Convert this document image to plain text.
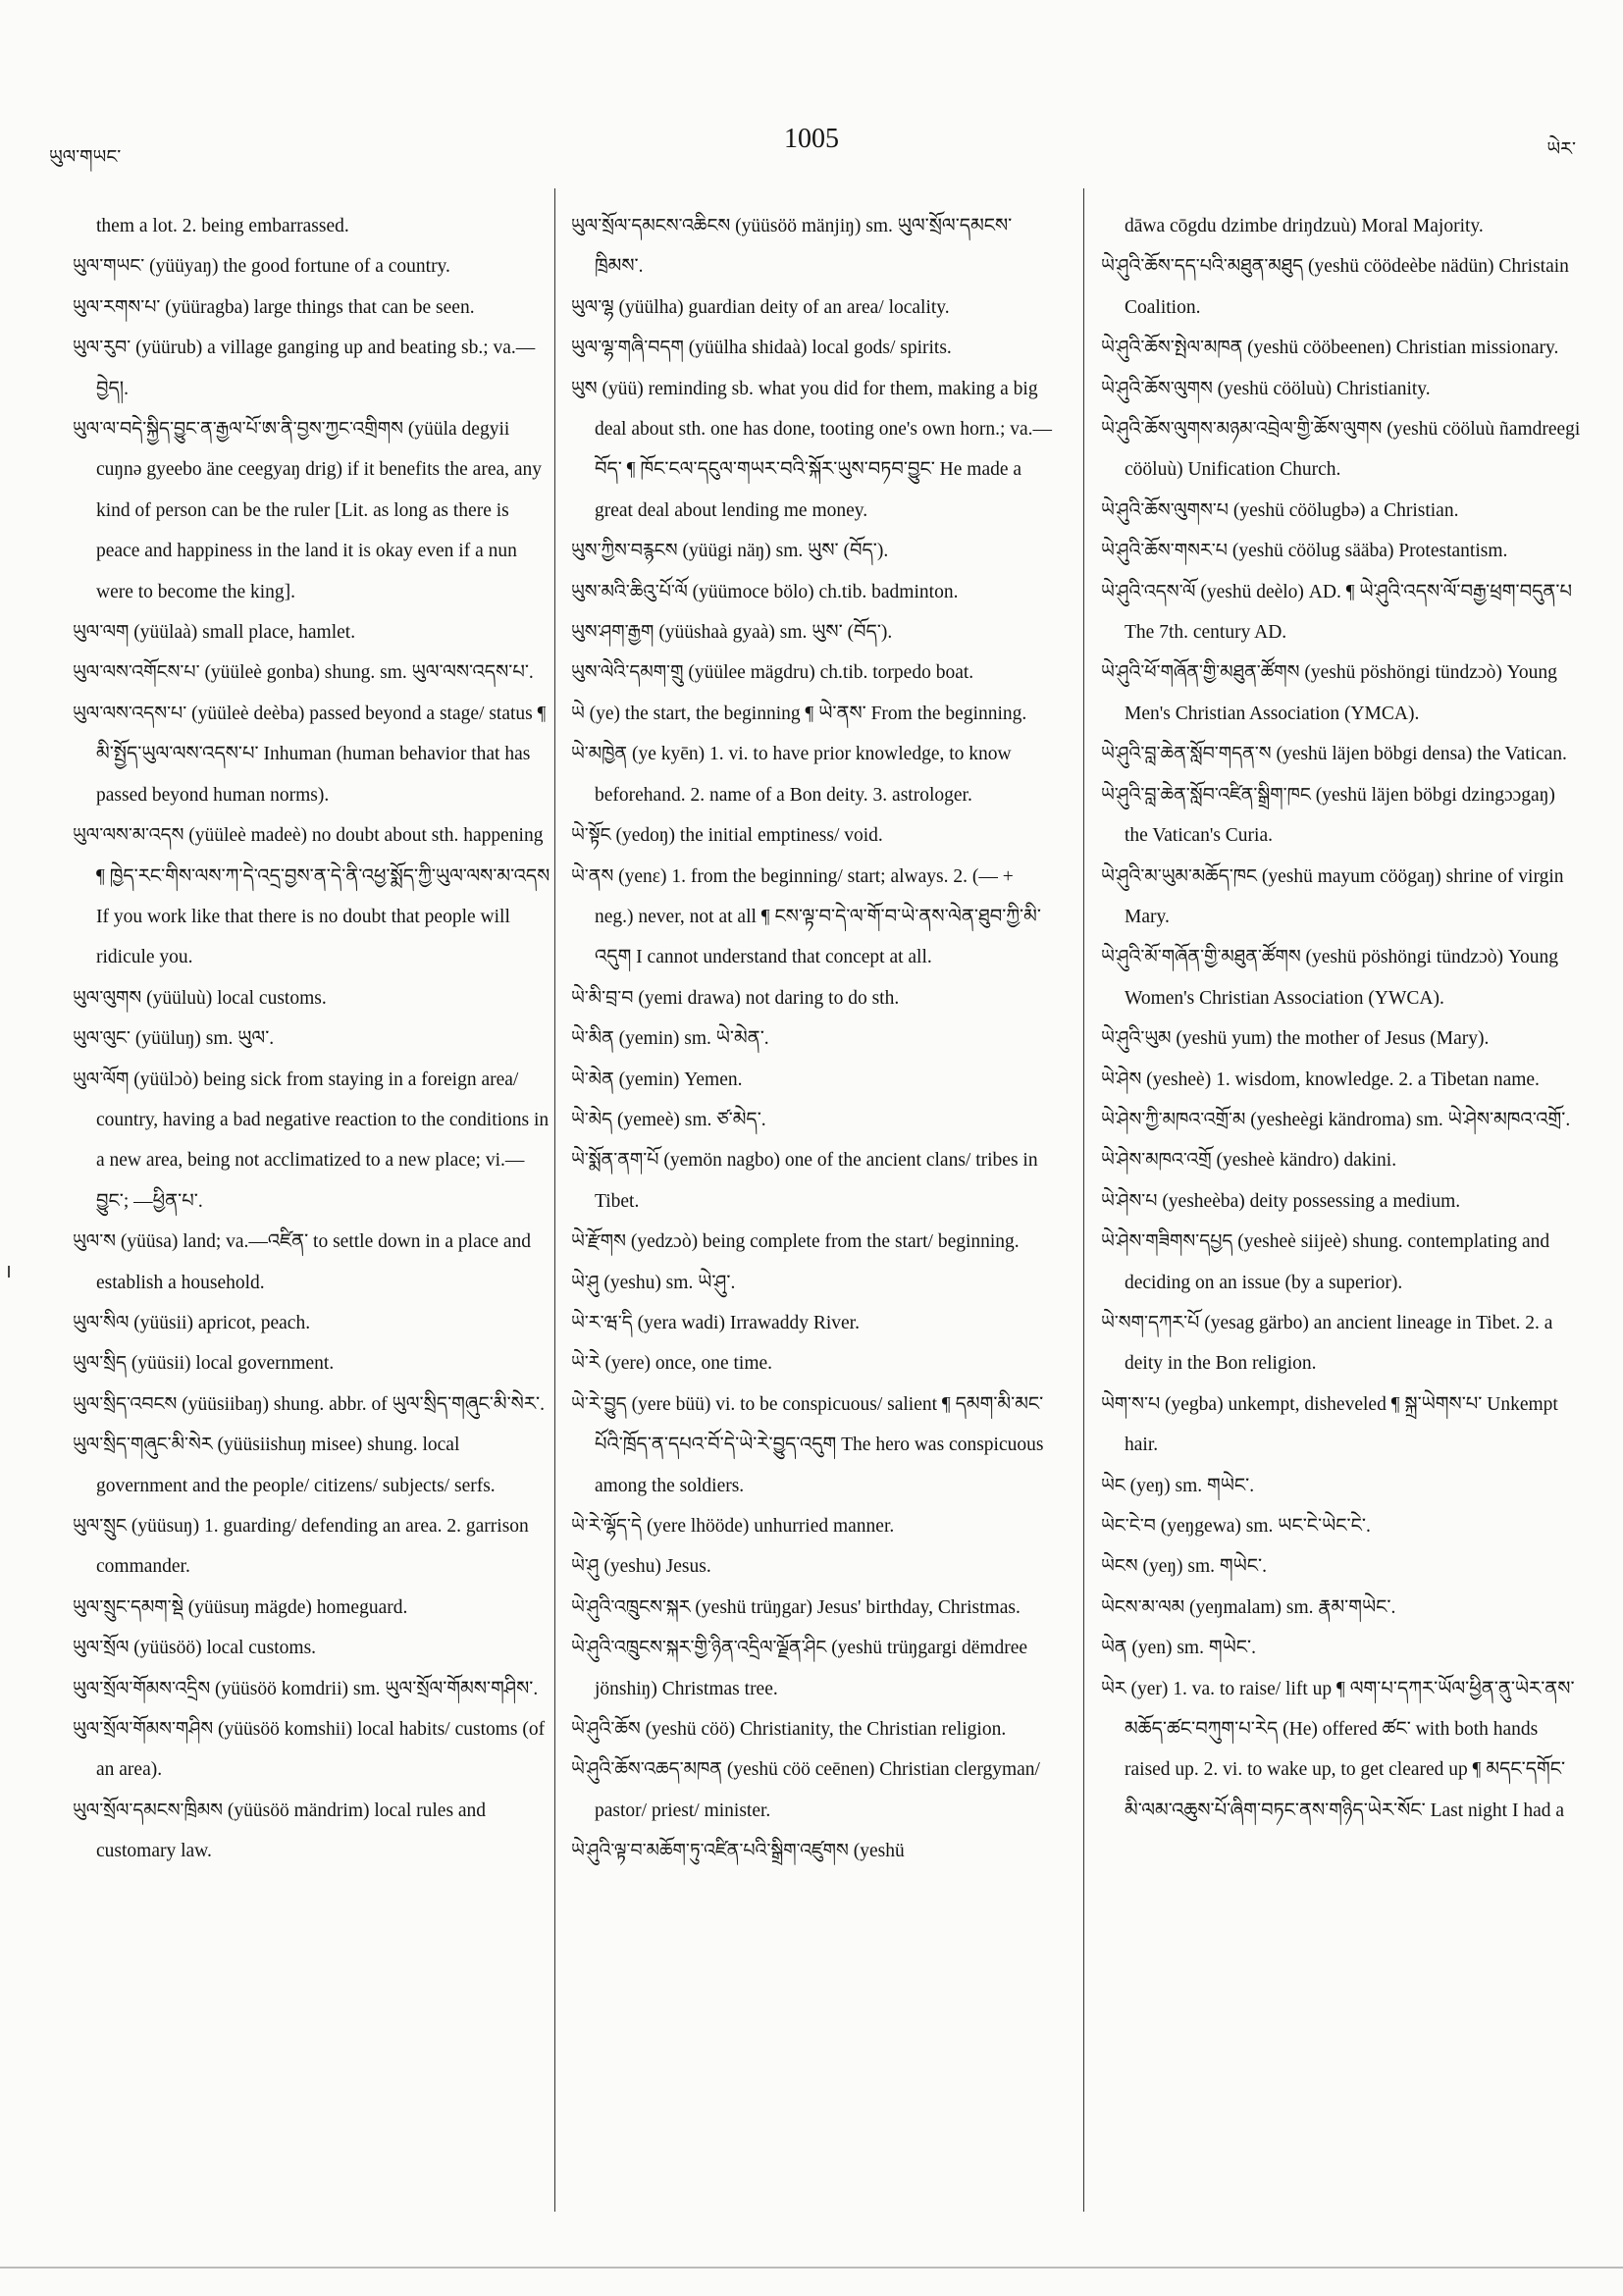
ཡུལ་གཡང་
1005	ཡེར་

them a lot. 2. being embarrassed.

ཡུལ་གཡང་ (yüüyaŋ) the good fortune of a country.

ཡུལ་རགས་པ་ (yüüragba) large things that can be seen.

ཡུལ་རུབ་ (yüürub) a village ganging up and beating sb.; va.—བྱེད།.

ཡུལ་ལ་བདེ་སྐྱིད་བྱུང་ན་རྒྱལ་པོ་ཨ་ནི་བྱས་ཀྱང་འགྲིགས (yüüla degyii cuŋnə gyeebo äne ceegyaŋ drig) if it benefits the area, any kind of person can be the ruler [Lit. as long as there is peace and happiness in the land it is okay even if a nun were to become the king].

ཡུལ་ལག (yüülaà) small place, hamlet.

ཡུལ་ལས་འགོངས་པ་ (yüüleè gonba) shung. sm. ཡུལ་ལས་འདས་པ་.

ཡུལ་ལས་འདས་པ་ (yüüleè deèba) passed beyond a stage/ status ¶ མི་སྤྱོད་ཡུལ་ལས་འདས་པ་ Inhuman (human behavior that has passed beyond human norms).

ཡུལ་ལས་མ་འདས (yüüleè madeè) no doubt about sth. happening ¶ ཁྱེད་རང་གིས་ལས་ཀ་དེ་འདྲ་བྱས་ན་དེ་ནི་འཕྱ་སྨོད་ཀྱི་ཡུལ་ལས་མ་འདས If you work like that there is no doubt that people will ridicule you.

ཡུལ་ལུགས (yüüluù) local customs.

ཡུལ་ལུང་ (yüüluŋ) sm. ཡུལ་.

ཡུལ་ལོག (yüülɔò) being sick from staying in a foreign area/ country, having a bad negative reaction to the conditions in a new area, being not acclimatized to a new place; vi.—བྱུང་; —ཕྱིན་པ་.

ཡུལ་ས (yüüsa) land; va.—འཛིན་ to settle down in a place and establish a household.

ཡུལ་སིལ (yüüsii) apricot, peach.

ཡུལ་སྲིད (yüüsii) local government.

ཡུལ་སྲིད་འབངས (yüüsiibaŋ) shung. abbr. of ཡུལ་སྲིད་གཞུང་མི་སེར་.

ཡུལ་སྲིད་གཞུང་མི་སེར (yüüsiishuŋ misee) shung. local government and the people/ citizens/ subjects/ serfs.

ཡུལ་སྲུང (yüüsuŋ) 1. guarding/ defending an area. 2. garrison commander.

ཡུལ་སྲུང་དམག་སྡེ (yüüsuŋ mägde) homeguard.

ཡུལ་སྲོལ (yüüsöö) local customs.

ཡུལ་སྲོལ་གོམས་འདྲིས (yüüsöö komdrii) sm. ཡུལ་སྲོལ་གོམས་གཤིས་.

ཡུལ་སྲོལ་གོམས་གཤིས (yüüsöö komshii) local habits/ customs (of an area).

ཡུལ་སྲོལ་དམངས་ཁྲིམས (yüüsöö mändrim) local rules and customary law.

ཡུལ་སྲོལ་དམངས་འཆིངས (yüüsöö mänjiŋ) sm. ཡུལ་སྲོལ་དམངས་ཁྲིམས་.

ཡུལ་ལྷ (yüülha) guardian deity of an area/ locality.

ཡུལ་ལྷ་གཞི་བདག (yüülha shidaà) local gods/ spirits.

ཡུས (yüü) reminding sb. what you did for them, making a big deal about sth. one has done, tooting one's own horn.; va.—བོད་ ¶ ཁོང་ངལ་དངུལ་གཡར་བའི་སྐོར་ཡུས་བཏབ་བྱུང་ He made a great deal about lending me money.

ཡུས་ཀྱིས་བརྙངས (yüügi näŋ) sm. ཡུས་ (བོད་).

ཡུས་མའི་ཆིའུ་པོ་ལོ (yüümoce bölo) ch.tib. badminton.

ཡུས་ཤག་རྒྱག (yüüshaà gyaà) sm. ཡུས་ (བོད་).

ཡུས་ལེའི་དམག་གྲུ (yüülee mägdru) ch.tib. torpedo boat.

ཡེ (ye) the start, the beginning ¶ ཡེ་ནས་ From the beginning.

ཡེ་མཁྱེན (ye kyēn) 1. vi. to have prior knowledge, to know beforehand. 2. name of a Bon deity. 3. astrologer.

ཡེ་སྟོང (yedoŋ) the initial emptiness/ void.

ཡེ་ནས (yenɛ) 1. from the beginning/ start; always. 2. (— + neg.) never, not at all ¶ ངས་ལྟ་བ་དེ་ལ་གོ་བ་ཡེ་ནས་ལེན་ཐུབ་ཀྱི་མི་འདུག I cannot understand that concept at all.

ཡེ་མི་བྲ་བ (yemi drawa) not daring to do sth.

ཡེ་མིན (yemin) sm. ཡེ་མེན་.

ཡེ་མེན (yemin) Yemen.

ཡེ་མེད (yemeè) sm. ཙ་མེད་.

ཡེ་སྨོན་ནག་པོ (yemön nagbo) one of the ancient clans/ tribes in Tibet.

ཡེ་རྫོགས (yedzɔò) being complete from the start/ beginning.

ཡེ་ཤུ (yeshu) sm. ཡེ་ཤུ་.

ཡེ་ར་ཝ་དི (yera wadi) Irrawaddy River.

ཡེ་རེ (yere) once, one time.

ཡེ་རེ་བྱུད (yere büü) vi. to be conspicuous/ salient ¶ དམག་མི་མང་པོའི་ཁྲོད་ན་དཔའ་བོ་དེ་ཡེ་རེ་བྱུད་འདུག The hero was conspicuous among the soldiers.

ཡེ་རེ་ལྷོད་དེ (yere lhööde) unhurried manner.

ཡེ་ཤུ (yeshu) Jesus.

ཡེ་ཤུའི་འཁྲུངས་སྐར (yeshü trüŋgar) Jesus' birthday, Christmas.

ཡེ་ཤུའི་འཁྲུངས་སྐར་གྱི་ཉིན་འདྲིལ་ལྗོན་ཤིང (yeshü trüŋgargi dëmdree jönshiŋ) Christmas tree.

ཡེ་ཤུའི་ཆོས (yeshü cöö) Christianity, the Christian religion.

ཡེ་ཤུའི་ཆོས་འཆད་མཁན (yeshü cöö ceēnen) Christian clergyman/ pastor/ priest/ minister.

ཡེ་ཤུའི་ལྟ་བ་མཆོག་ཏུ་འཛིན་པའི་སྒྲིག་འཛུགས (yeshü

dāwa cōgdu dzimbe driŋdzuù) Moral Majority.

ཡེ་ཤུའི་ཆོས་དད་པའི་མཐུན་མཐུད (yeshü cöödeèbe nädün) Christain Coalition.

ཡེ་ཤུའི་ཆོས་སྤེལ་མཁན (yeshü cööbeenen) Christian missionary.

ཡེ་ཤུའི་ཆོས་ལུགས (yeshü cööluù) Christianity.

ཡེ་ཤུའི་ཆོས་ལུགས་མཉམ་འབྲེལ་གྱི་ཆོས་ལུགས (yeshü cööluù ñamdreegi cööluù) Unification Church.

ཡེ་ཤུའི་ཆོས་ལུགས་པ (yeshü cöölugbə) a Christian.

ཡེ་ཤུའི་ཆོས་གསར་པ (yeshü cöölug sääba) Protestantism.

ཡེ་ཤུའི་འདས་ལོ (yeshü deèlo) AD. ¶ ཡེ་ཤུའི་འདས་ལོ་བརྒྱ་ཕྲག་བདུན་པ The 7th. century AD.

ཡེ་ཤུའི་ཕོ་གཞོན་གྱི་མཐུན་ཚོགས (yeshü pöshöngi tündzɔò) Young Men's Christian Association (YMCA).

ཡེ་ཤུའི་བླ་ཆེན་སློབ་གདན་ས (yeshü läjen böbgi densa) the Vatican.

ཡེ་ཤུའི་བླ་ཆེན་སློབ་འཛིན་སྒྲིག་ཁང (yeshü läjen böbgi dzingɔɔgaŋ) the Vatican's Curia.

ཡེ་ཤུའི་མ་ཡུམ་མཆོད་ཁང (yeshü mayum cöögaŋ) shrine of virgin Mary.

ཡེ་ཤུའི་མོ་གཞོན་གྱི་མཐུན་ཚོགས (yeshü pöshöngi tündzɔò) Young Women's Christian Association (YWCA).

ཡེ་ཤུའི་ཡུམ (yeshü yum) the mother of Jesus (Mary).

ཡེ་ཤེས (yesheè) 1. wisdom, knowledge. 2. a Tibetan name.

ཡེ་ཤེས་ཀྱི་མཁའ་འགྲོ་མ (yesheègi kändroma) sm. ཡེ་ཤེས་མཁའ་འགྲོ་.

ཡེ་ཤེས་མཁའ་འགྲོ (yesheè kändro) dakini.

ཡེ་ཤེས་པ (yesheèba) deity possessing a medium.

ཡེ་ཤེས་གཟིགས་དཔྱད (yesheè siijeè) shung. contemplating and deciding on an issue (by a superior).

ཡེ་སག་དཀར་པོ (yesag gärbo) an ancient lineage in Tibet. 2. a deity in the Bon religion.

ཡེག་ས་པ (yegba) unkempt, disheveled ¶ སྐྲ་ཡེགས་པ་ Unkempt hair.

ཡེང (yeŋ) sm. གཡེང་.

ཡེང་ངེ་བ (yeŋgewa) sm. ཡང་ངེ་ཡེང་ངེ་.

ཡེངས (yeŋ) sm. གཡེང་.

ཡེངས་མ་ལམ (yeŋmalam) sm. རྣམ་གཡེང་.

ཡེན (yen) sm. གཡེང་.

ཡེར (yer) 1. va. to raise/ lift up ¶ ལག་པ་དཀར་ཡོལ་ཕྱིན་ནུ་ཡེར་ནས་མཆོད་ཚང་བཀུག་པ་རེད (He) offered ཚང་ with both hands raised up. 2. vi. to wake up, to get cleared up ¶ མདང་དགོང་མི་ལམ་འཆུས་པོ་ཞིག་བཏང་ནས་གཉིད་ཡེར་སོང་ Last night I had a
